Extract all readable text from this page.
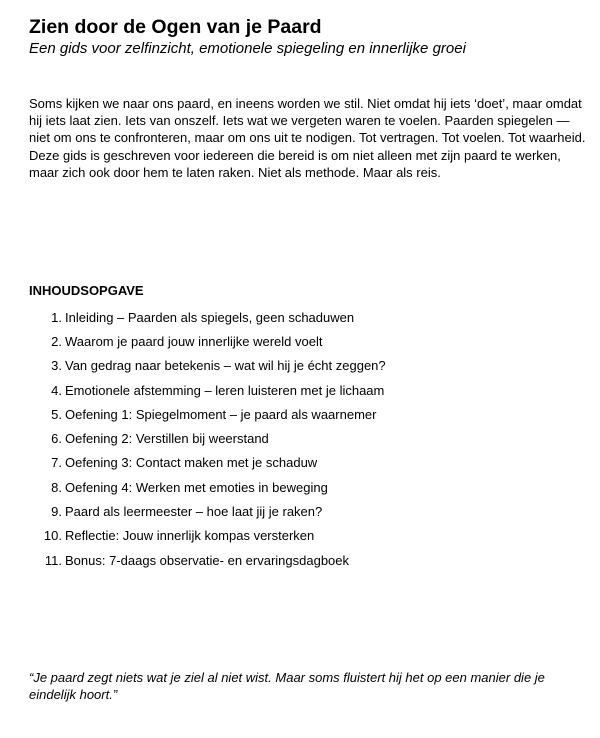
Zien door de Ogen van je Paard
Een gids voor zelfinzicht, emotionele spiegeling en innerlijke groei

Soms kijken we naar ons paard, en ineens worden we stil. Niet omdat hij iets ‘doet’, maar omdat hij iets laat zien. Iets van onszelf. Iets wat we vergeten waren te voelen. Paarden spiegelen — niet om ons te confronteren, maar om ons uit te nodigen. Tot vertragen. Tot voelen. Tot waarheid. Deze gids is geschreven voor iedereen die bereid is om niet alleen met zijn paard te werken, maar zich ook door hem te laten raken. Niet als methode. Maar als reis.

INHOUDSOPGAVE
1. Inleiding – Paarden als spiegels, geen schaduwen
2. Waarom je paard jouw innerlijke wereld voelt
3. Van gedrag naar betekenis – wat wil hij je écht zeggen?
4. Emotionele afstemming – leren luisteren met je lichaam
5. Oefening 1: Spiegelmoment – je paard als waarnemer
6. Oefening 2: Verstillen bij weerstand
7. Oefening 3: Contact maken met je schaduw
8. Oefening 4: Werken met emoties in beweging
9. Paard als leermeester – hoe laat jij je raken?
10. Reflectie: Jouw innerlijk kompas versterken
11. Bonus: 7-daags observatie- en ervaringsdagboek

“Je paard zegt niets wat je ziel al niet wist. Maar soms fluistert hij het op een manier die je eindelijk hoort.”
